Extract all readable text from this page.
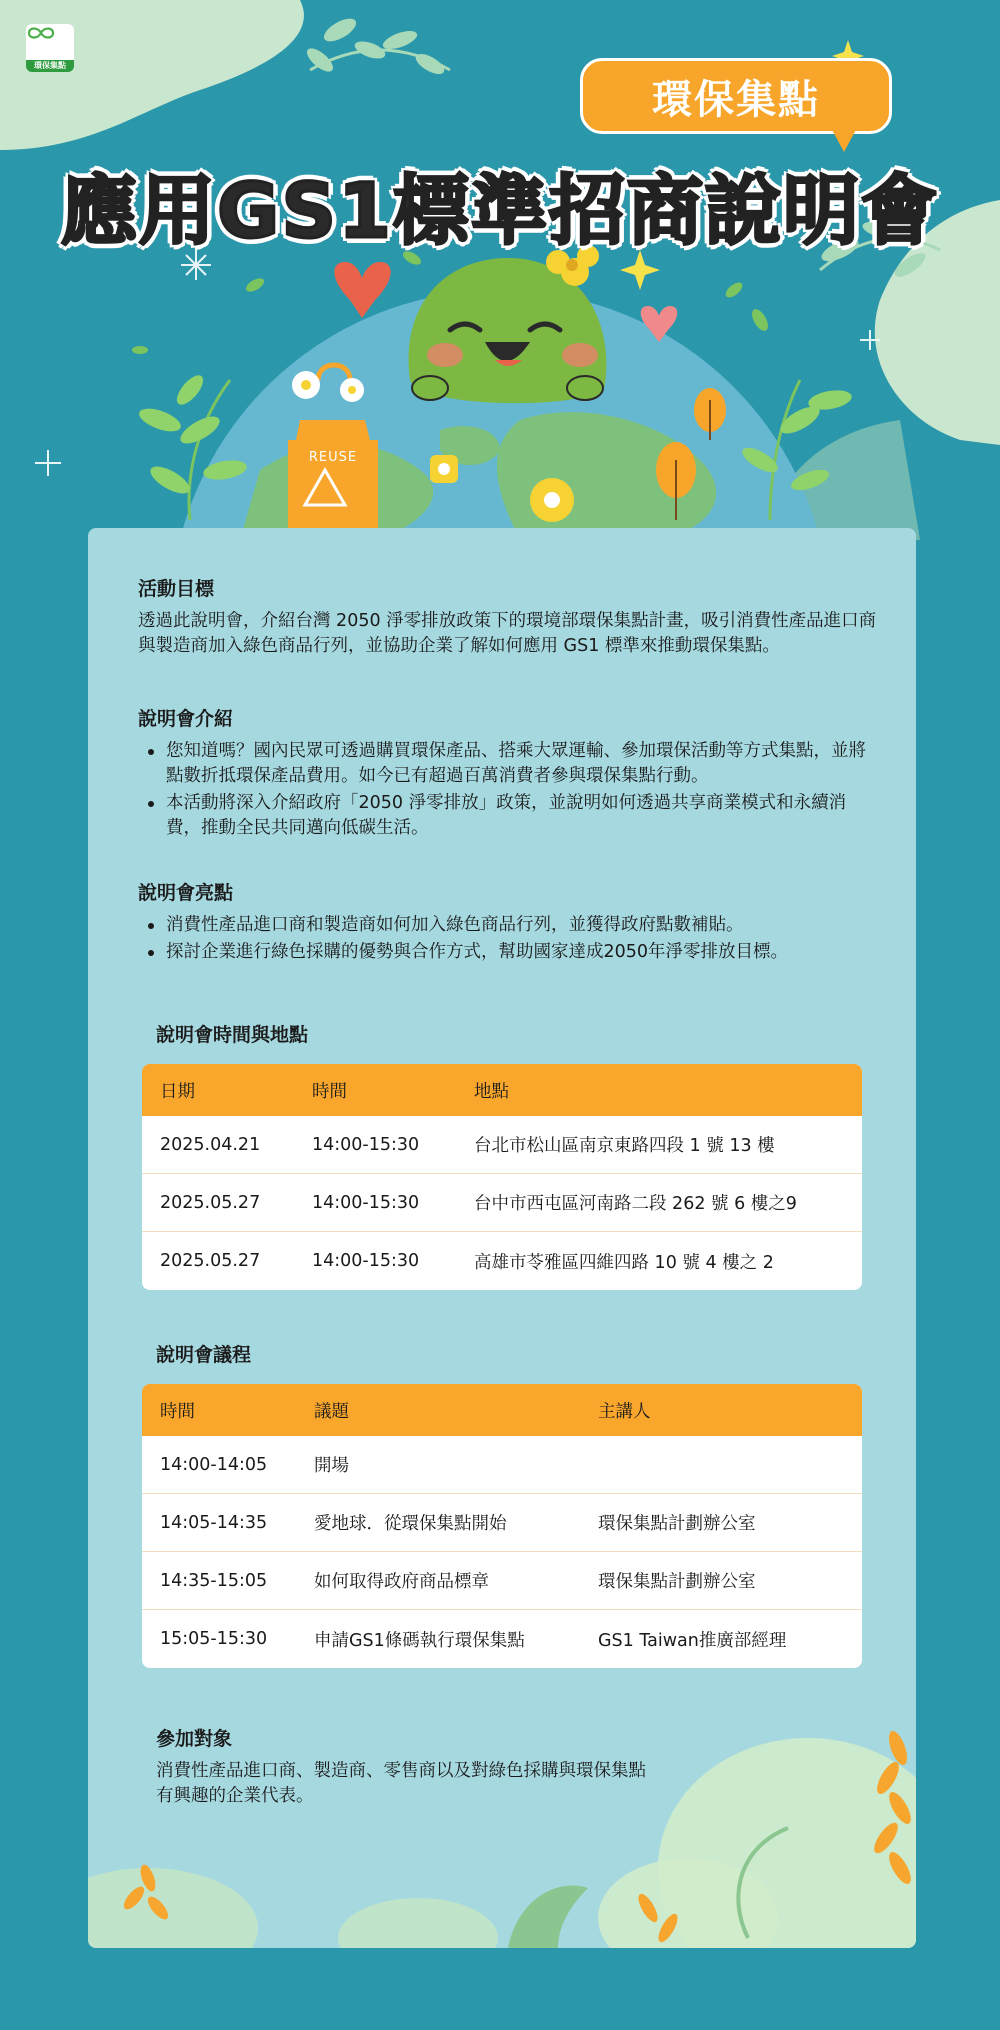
環保集點
環保集點
應用GS1標準招商說明會
REUSE
活動目標
透過此說明會，介紹台灣 2050 淨零排放政策下的環境部環保集點計畫，吸引消費性產品進口商與製造商加入綠色商品行列，並協助企業了解如何應用 GS1 標準來推動環保集點。
說明會介紹
您知道嗎？國內民眾可透過購買環保產品、搭乘大眾運輸、參加環保活動等方式集點，並將點數折抵環保產品費用。如今已有超過百萬消費者參與環保集點行動。
本活動將深入介紹政府「2050 淨零排放」政策，並說明如何透過共享商業模式和永續消費，推動全民共同邁向低碳生活。
說明會亮點
消費性產品進口商和製造商如何加入綠色商品行列，並獲得政府點數補貼。
探討企業進行綠色採購的優勢與合作方式，幫助國家達成2050年淨零排放目標。
說明會時間與地點
日期	時間	地點
2025.04.21	14:00-15:30	台北市松山區南京東路四段 1 號 13 樓
2025.05.27	14:00-15:30	台中市西屯區河南路二段 262 號 6 樓之9
2025.05.27	14:00-15:30	高雄市苓雅區四維四路 10 號 4 樓之 2
說明會議程
時間	議題	主講人
14:00-14:05	開場
14:05-14:35	愛地球．從環保集點開始	環保集點計劃辦公室
14:35-15:05	如何取得政府商品標章	環保集點計劃辦公室
15:05-15:30	申請GS1條碼執行環保集點	GS1 Taiwan推廣部經理
參加對象
消費性產品進口商、製造商、零售商以及對綠色採購與環保集點
有興趣的企業代表。
